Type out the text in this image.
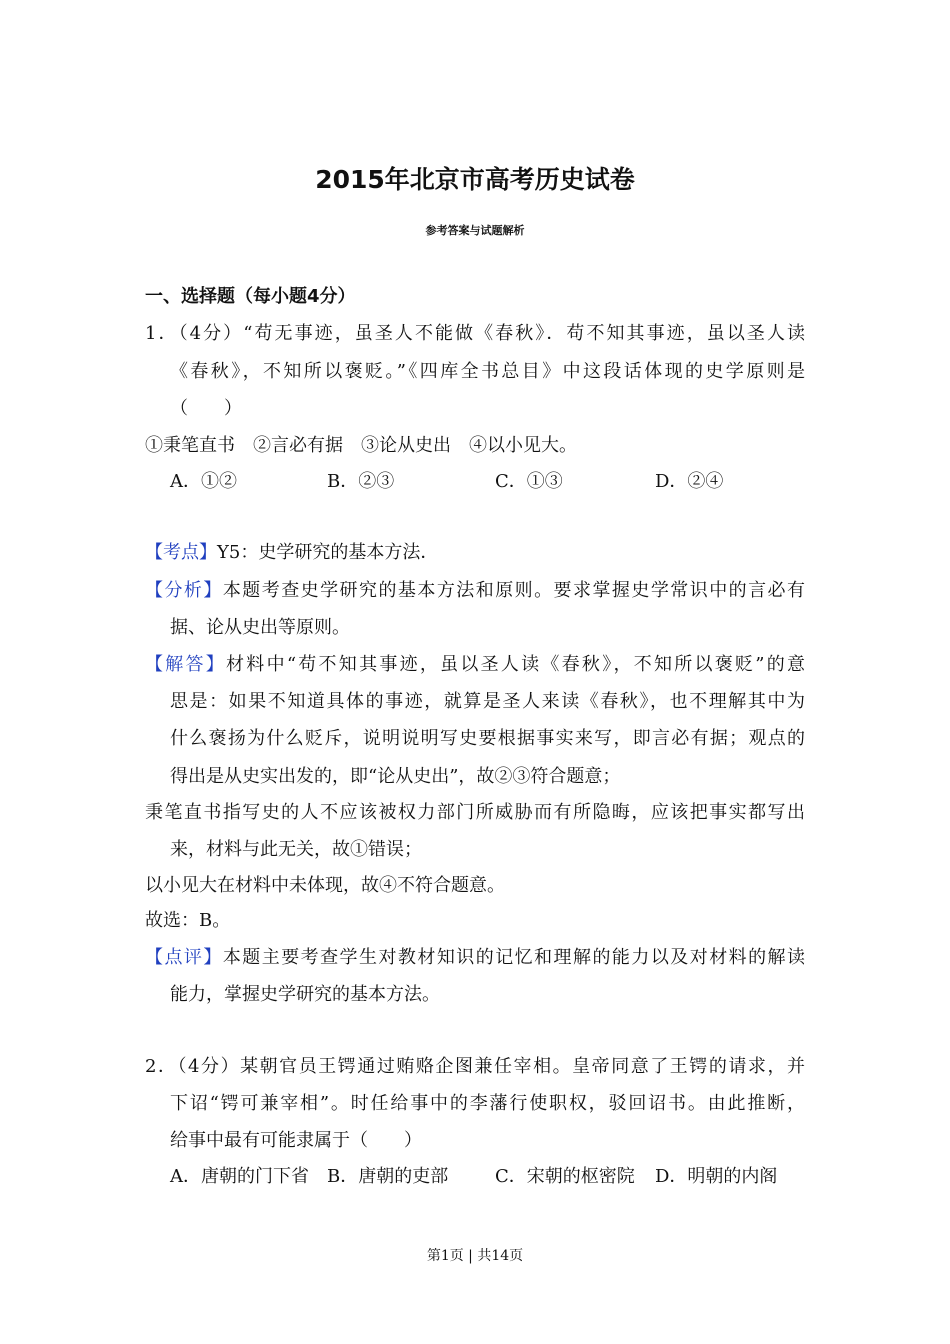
2015年北京市高考历史试卷
参考答案与试题解析
一、选择题（每小题4分）
1．（4分）“苟无事迹，虽圣人不能做《春秋》．苟不知其事迹，虽以圣人读
《春秋》，不知所以褒贬。”《四库全书总目》中这段话体现的史学原则是
（　　）
①秉笔直书　②言必有据　③论从史出　④以小见大。
A．①②	B．②③	C．①③	D．②④
【考点】Y5：史学研究的基本方法．
【分析】本题考查史学研究的基本方法和原则。要求掌握史学常识中的言必有
据、论从史出等原则。
【解答】材料中“苟不知其事迹，虽以圣人读《春秋》，不知所以褒贬”的意
思是：如果不知道具体的事迹，就算是圣人来读《春秋》，也不理解其中为
什么褒扬为什么贬斥，说明说明写史要根据事实来写，即言必有据；观点的
得出是从史实出发的，即“论从史出”，故②③符合题意；
秉笔直书指写史的人不应该被权力部门所威胁而有所隐晦，应该把事实都写出
来，材料与此无关，故①错误；
以小见大在材料中未体现，故④不符合题意。
故选：B。
【点评】本题主要考查学生对教材知识的记忆和理解的能力以及对材料的解读
能力，掌握史学研究的基本方法。
2．（4分）某朝官员王锷通过贿赂企图兼任宰相。皇帝同意了王锷的请求，并
下诏“锷可兼宰相”。时任给事中的李藩行使职权，驳回诏书。由此推断，
给事中最有可能隶属于（　　）
A．唐朝的门下省 B．唐朝的吏部	C．宋朝的枢密院 D．明朝的内阁
第1页 | 共14页
